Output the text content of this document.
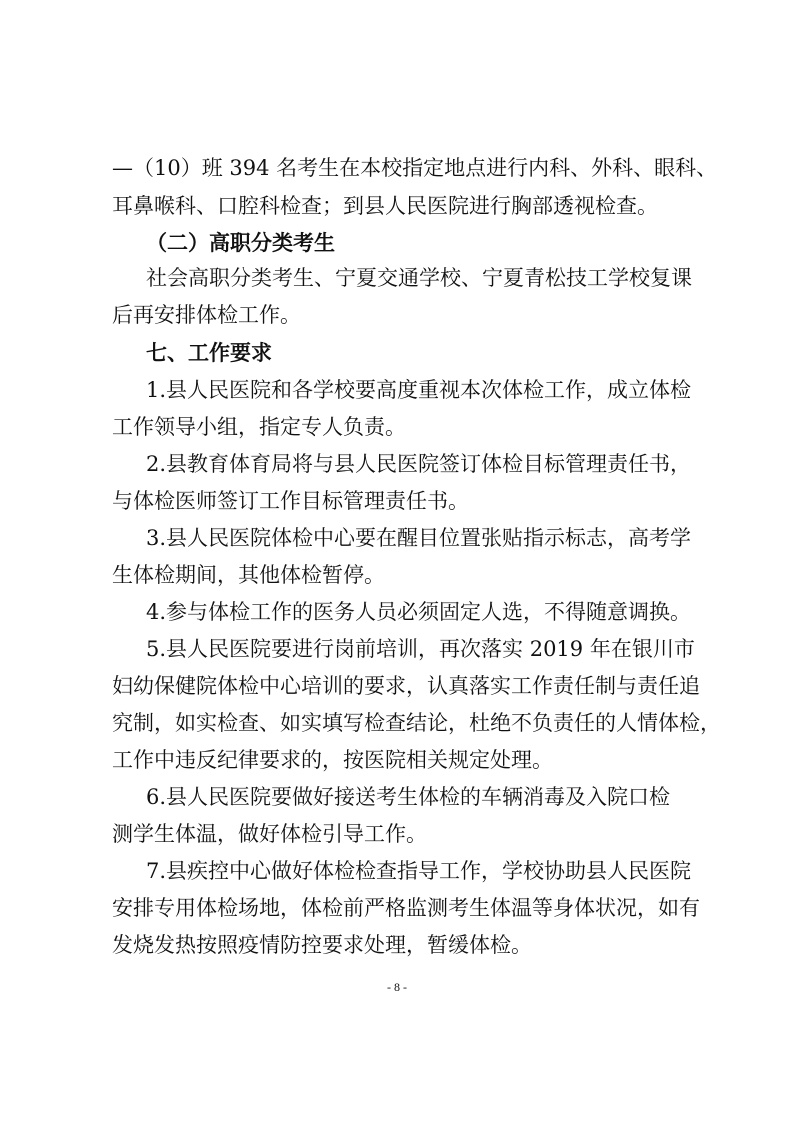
—（10）班 394 名考生在本校指定地点进行内科、外科、眼科、
耳鼻喉科、口腔科检查；到县人民医院进行胸部透视检查。
（二）高职分类考生
社会高职分类考生、宁夏交通学校、宁夏青松技工学校复课
后再安排体检工作。
七、工作要求
1.县人民医院和各学校要高度重视本次体检工作，成立体检
工作领导小组，指定专人负责。
2.县教育体育局将与县人民医院签订体检目标管理责任书，
与体检医师签订工作目标管理责任书。
3.县人民医院体检中心要在醒目位置张贴指示标志，高考学
生体检期间，其他体检暂停。
4.参与体检工作的医务人员必须固定人选，不得随意调换。
5.县人民医院要进行岗前培训，再次落实 2019 年在银川市
妇幼保健院体检中心培训的要求，认真落实工作责任制与责任追
究制，如实检查、如实填写检查结论，杜绝不负责任的人情体检，
工作中违反纪律要求的，按医院相关规定处理。
6.县人民医院要做好接送考生体检的车辆消毒及入院口检
测学生体温，做好体检引导工作。
7.县疾控中心做好体检检查指导工作，学校协助县人民医院
安排专用体检场地，体检前严格监测考生体温等身体状况，如有
发烧发热按照疫情防控要求处理，暂缓体检。
- 8 -
